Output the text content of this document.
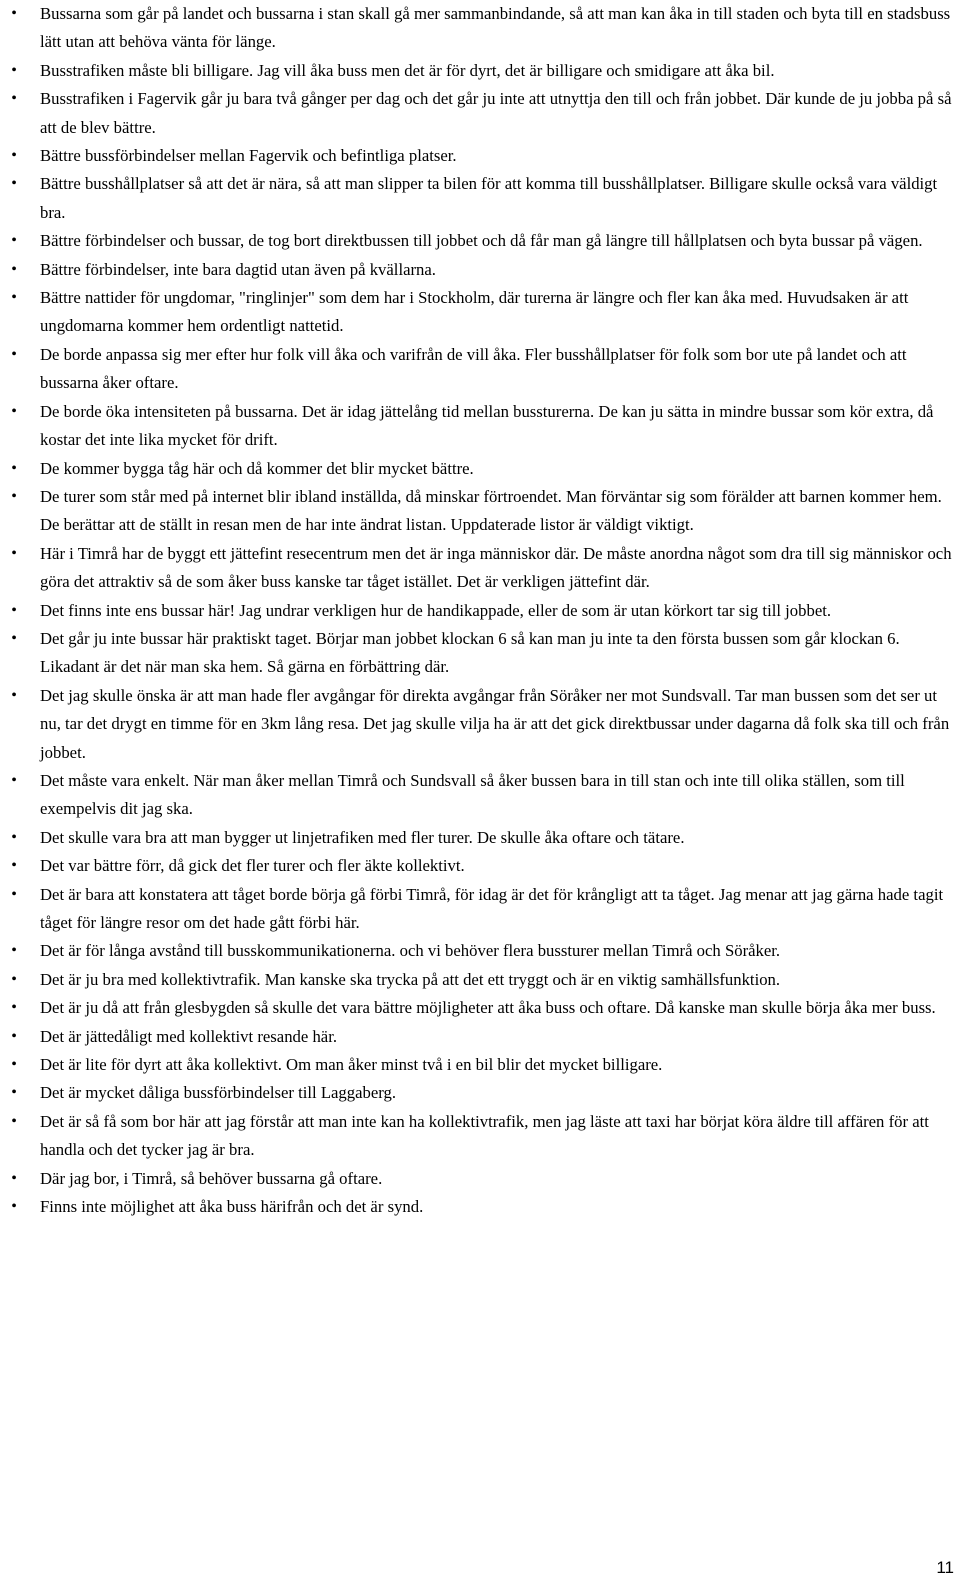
• Bussarna som går på landet och bussarna i stan skall gå mer sammanbindande, så att man kan åka in till staden och byta till en stadsbuss lätt utan att behöva vänta för länge.
• Busstrafiken måste bli billigare. Jag vill åka buss men det är för dyrt, det är billigare och smidigare att åka bil.
• Busstrafiken i Fagervik går ju bara två gånger per dag och det går ju inte att utnyttja den till och från jobbet. Där kunde de ju jobba på så att de blev bättre.
• Bättre bussförbindelser mellan Fagervik och befintliga platser.
• Bättre busshållplatser så att det är nära, så att man slipper ta bilen för att komma till busshållplatser. Billigare skulle också vara väldigt bra.
• Bättre förbindelser och bussar, de tog bort direktbussen till jobbet och då får man gå längre till hållplatsen och byta bussar på vägen.
• Bättre förbindelser, inte bara dagtid utan även på kvällarna.
• Bättre nattider för ungdomar, "ringlinjer" som dem har i Stockholm, där turerna är längre och fler kan åka med. Huvudsaken är att ungdomarna kommer hem ordentligt nattetid.
• De borde anpassa sig mer efter hur folk vill åka och varifrån de vill åka. Fler busshållplatser för folk som bor ute på landet och att bussarna åker oftare.
• De borde öka intensiteten på bussarna. Det är idag jättelång tid mellan bussturerna. De kan ju sätta in mindre bussar som kör extra, då kostar det inte lika mycket för drift.
• De kommer bygga tåg här och då kommer det blir mycket bättre.
• De turer som står med på internet blir ibland inställda, då minskar förtroendet. Man förväntar sig som förälder att barnen kommer hem. De berättar att de ställt in resan men de har inte ändrat listan. Uppdaterade listor är väldigt viktigt.
• Här i Timrå har de byggt ett jättefint resecentrum men det är inga människor där. De måste anordna något som dra till sig människor och göra det attraktiv så de som åker buss kanske tar tåget istället. Det är verkligen jättefint där.
• Det finns inte ens bussar här! Jag undrar verkligen hur de handikappade, eller de som är utan körkort tar sig till jobbet.
• Det går ju inte bussar här praktiskt taget. Börjar man jobbet klockan 6 så kan man ju inte ta den första bussen som går klockan 6. Likadant är det när man ska hem. Så gärna en förbättring där.
• Det jag skulle önska är att man hade fler avgångar för direkta avgångar från Söråker ner mot Sundsvall. Tar man bussen som det ser ut nu, tar det drygt en timme för en 3km lång resa. Det jag skulle vilja ha är att det gick direktbussar under dagarna då folk ska till och från jobbet.
• Det måste vara enkelt. När man åker mellan Timrå och Sundsvall så åker bussen bara in till stan och inte till olika ställen, som till exempelvis dit jag ska.
• Det skulle vara bra att man bygger ut linjetrafiken med fler turer. De skulle åka oftare och tätare.
• Det var bättre förr, då gick det fler turer och fler äkte kollektivt.
• Det är bara att konstatera att tåget borde börja gå förbi Timrå, för idag är det för krångligt att ta tåget. Jag menar att jag gärna hade tagit tåget för längre resor om det hade gått förbi här.
• Det är för långa avstånd till busskommunikationerna. och vi behöver flera bussturer mellan Timrå och Söråker.
• Det är ju bra med kollektivtrafik. Man kanske ska trycka på att det ett tryggt och är en viktig samhällsfunktion.
• Det är ju då att från glesbygden så skulle det vara bättre möjligheter att åka buss och oftare. Då kanske man skulle börja åka mer buss.
• Det är jättedåligt med kollektivt resande här.
• Det är lite för dyrt att åka kollektivt. Om man åker minst två i en bil blir det mycket billigare.
• Det är mycket dåliga bussförbindelser till Laggaberg.
• Det är så få som bor här att jag förstår att man inte kan ha kollektivtrafik, men jag läste att taxi har börjat köra äldre till affären för att handla och det tycker jag är bra.
• Där jag bor, i Timrå, så behöver bussarna gå oftare.
• Finns inte möjlighet att åka buss härifrån och det är synd.
11
